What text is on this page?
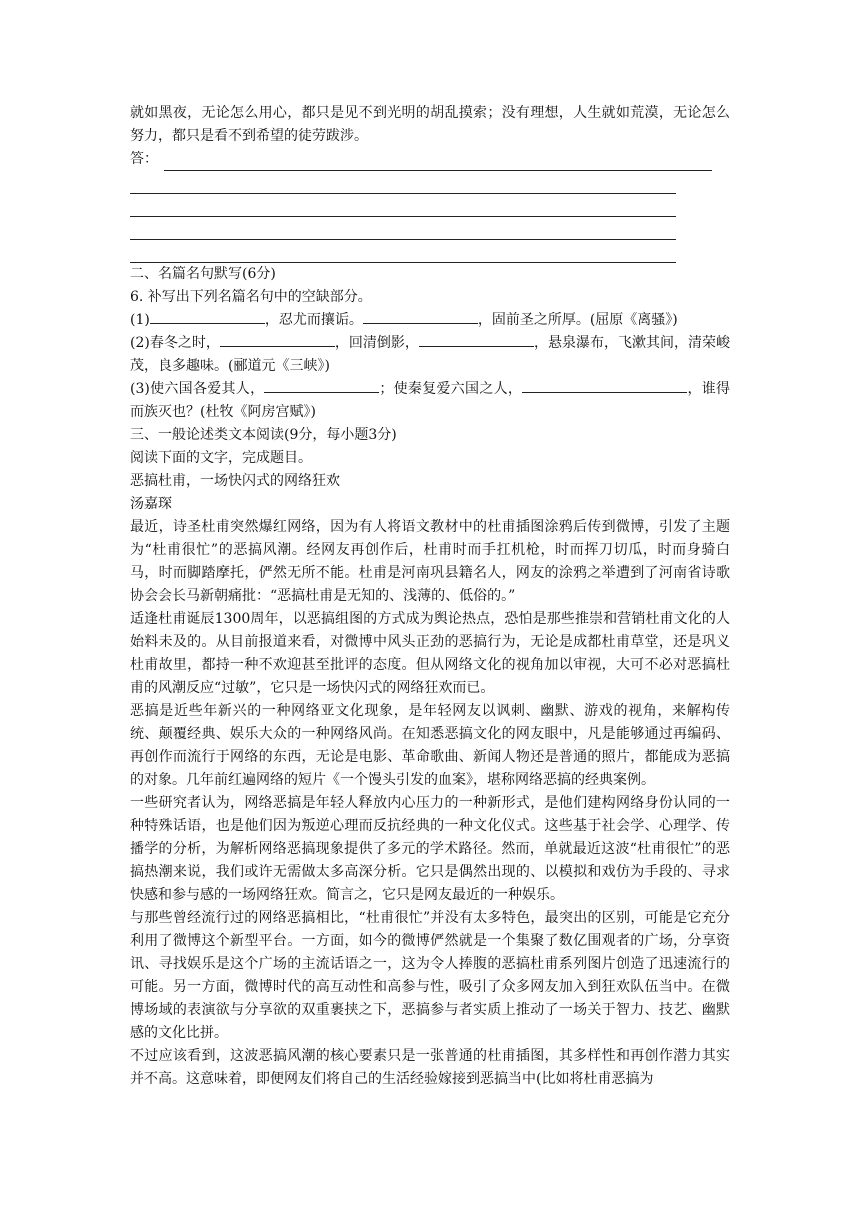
就如黑夜，无论怎么用心，都只是见不到光明的胡乱摸索；没有理想，人生就如荒漠，无论怎么努力，都只是看不到希望的徒劳跋涉。

答：

二、名篇名句默写(6分)

6. 补写出下列名篇名句中的空缺部分。

(1)	，忍尤而攘诟。	，固前圣之所厚。(屈原《离骚》)

(2)春冬之时，	，回清倒影，	，悬泉瀑布，飞漱其间，清荣峻茂，良多趣味。(郦道元《三峡》)

(3)使六国各爱其人，	；使秦复爱六国之人，	，谁得而族灭也？(杜牧《阿房宫赋》)

三、一般论述类文本阅读(9分，每小题3分)

阅读下面的文字，完成题目。

恶搞杜甫，一场快闪式的网络狂欢

汤嘉琛

最近，诗圣杜甫突然爆红网络，因为有人将语文教材中的杜甫插图涂鸦后传到微博，引发了主题为“杜甫很忙”的恶搞风潮。经网友再创作后，杜甫时而手扛机枪，时而挥刀切瓜，时而身骑白马，时而脚踏摩托，俨然无所不能。杜甫是河南巩县籍名人，网友的涂鸦之举遭到了河南省诗歌协会会长马新朝痛批：“恶搞杜甫是无知的、浅薄的、低俗的。”

适逢杜甫诞辰1300周年，以恶搞组图的方式成为舆论热点，恐怕是那些推崇和营销杜甫文化的人始料未及的。从目前报道来看，对微博中风头正劲的恶搞行为，无论是成都杜甫草堂，还是巩义杜甫故里，都持一种不欢迎甚至批评的态度。但从网络文化的视角加以审视，大可不必对恶搞杜甫的风潮反应“过敏”，它只是一场快闪式的网络狂欢而已。

恶搞是近些年新兴的一种网络亚文化现象，是年轻网友以讽刺、幽默、游戏的视角，来解构传统、颠覆经典、娱乐大众的一种网络风尚。在知悉恶搞文化的网友眼中，凡是能够通过再编码、再创作而流行于网络的东西，无论是电影、革命歌曲、新闻人物还是普通的照片，都能成为恶搞的对象。几年前红遍网络的短片《一个馒头引发的血案》，堪称网络恶搞的经典案例。

一些研究者认为，网络恶搞是年轻人释放内心压力的一种新形式，是他们建构网络身份认同的一种特殊话语，也是他们因为叛逆心理而反抗经典的一种文化仪式。这些基于社会学、心理学、传播学的分析，为解析网络恶搞现象提供了多元的学术路径。然而，单就最近这波“杜甫很忙”的恶搞热潮来说，我们或许无需做太多高深分析。它只是偶然出现的、以模拟和戏仿为手段的、寻求快感和参与感的一场网络狂欢。简言之，它只是网友最近的一种娱乐。

与那些曾经流行过的网络恶搞相比，“杜甫很忙”并没有太多特色，最突出的区别，可能是它充分利用了微博这个新型平台。一方面，如今的微博俨然就是一个集聚了数亿围观者的广场，分享资讯、寻找娱乐是这个广场的主流话语之一，这为令人捧腹的恶搞杜甫系列图片创造了迅速流行的可能。另一方面，微博时代的高互动性和高参与性，吸引了众多网友加入到狂欢队伍当中。在微博场域的表演欲与分享欲的双重裹挟之下，恶搞参与者实质上推动了一场关于智力、技艺、幽默感的文化比拼。

不过应该看到，这波恶搞风潮的核心要素只是一张普通的杜甫插图，其多样性和再创作潜力其实并不高。这意味着，即便网友们将自己的生活经验嫁接到恶搞当中(比如将杜甫恶搞为
